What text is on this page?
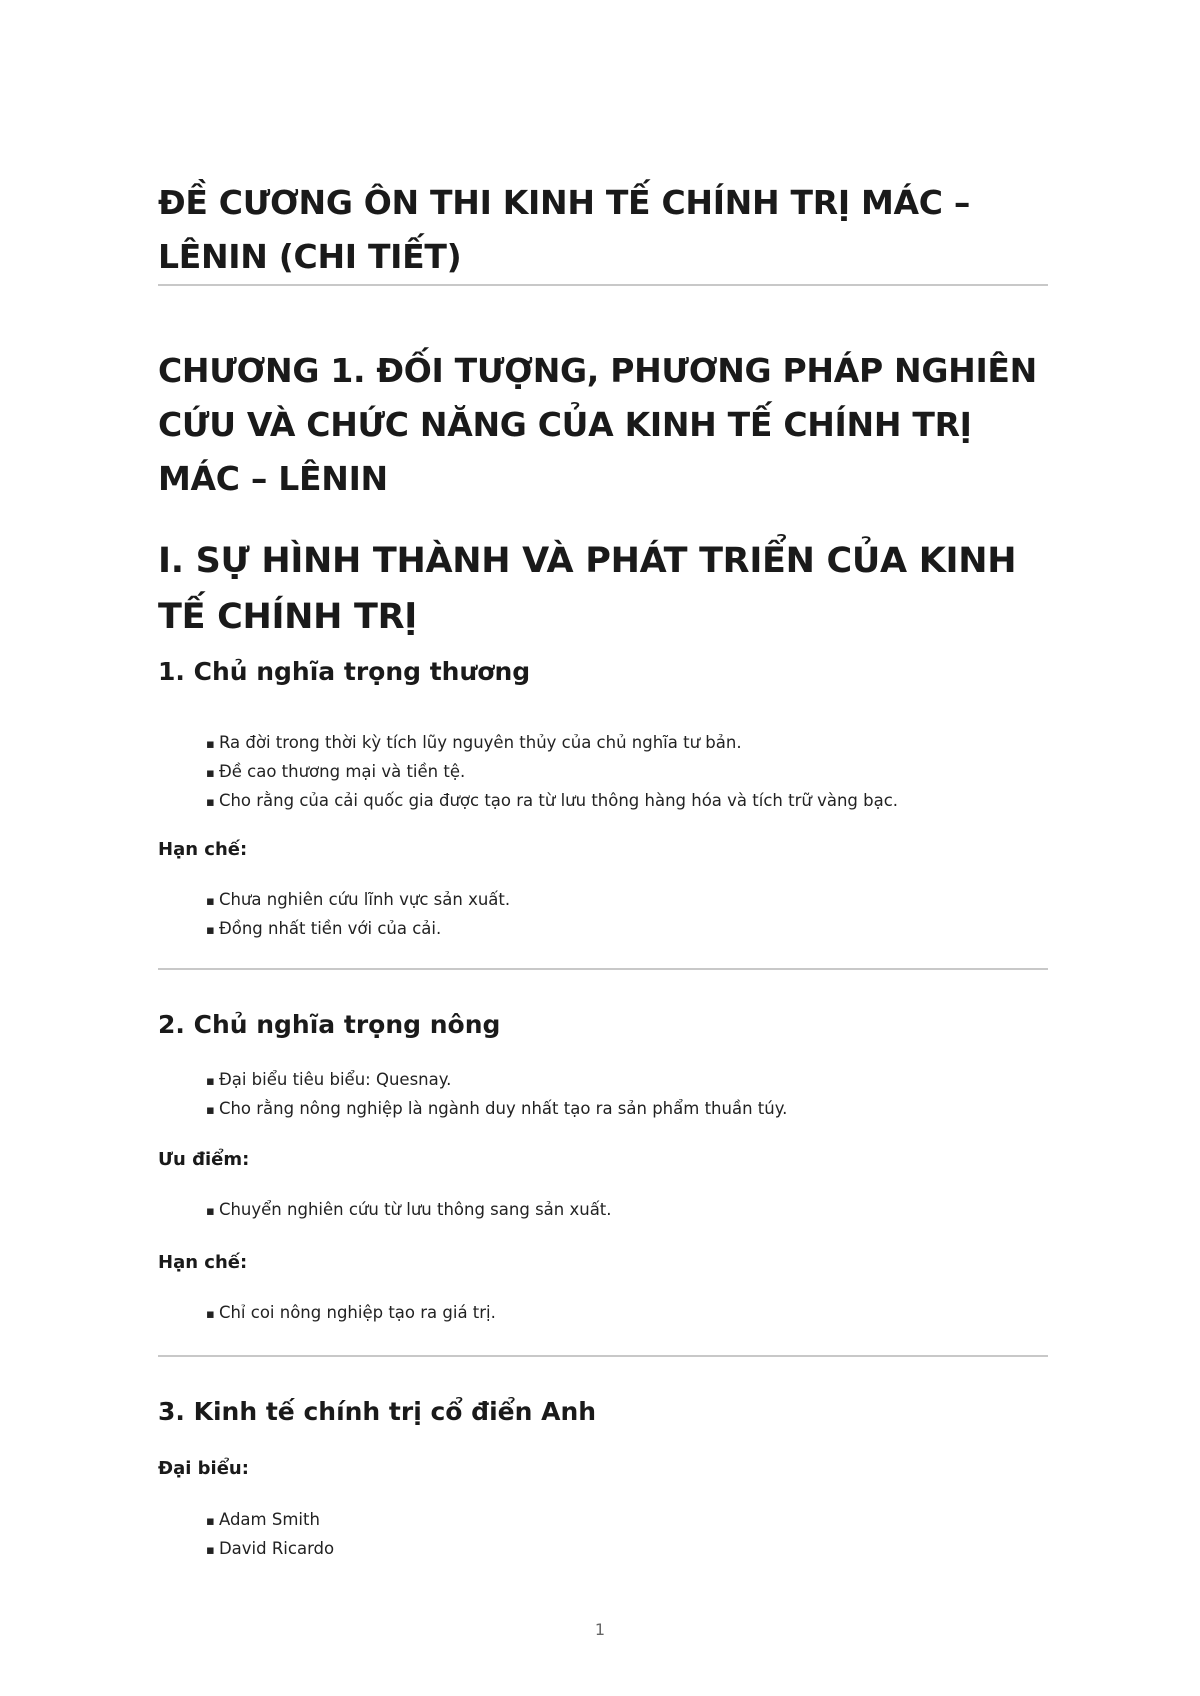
ĐỀ CƯƠNG ÔN THI KINH TẾ CHÍNH TRỊ MÁC – LÊNIN (CHI TIẾT)
CHƯƠNG 1. ĐỐI TƯỢNG, PHƯƠNG PHÁP NGHIÊN CỨU VÀ CHỨC NĂNG CỦA KINH TẾ CHÍNH TRỊ MÁC – LÊNIN
I. SỰ HÌNH THÀNH VÀ PHÁT TRIỂN CỦA KINH TẾ CHÍNH TRỊ
1. Chủ nghĩa trọng thương
▪ Ra đời trong thời kỳ tích lũy nguyên thủy của chủ nghĩa tư bản.
▪ Đề cao thương mại và tiền tệ.
▪ Cho rằng của cải quốc gia được tạo ra từ lưu thông hàng hóa và tích trữ vàng bạc.

Hạn chế:

▪ Chưa nghiên cứu lĩnh vực sản xuất.
▪ Đồng nhất tiền với của cải.
2. Chủ nghĩa trọng nông
▪ Đại biểu tiêu biểu: Quesnay.
▪ Cho rằng nông nghiệp là ngành duy nhất tạo ra sản phẩm thuần túy.

Ưu điểm:

▪ Chuyển nghiên cứu từ lưu thông sang sản xuất.

Hạn chế:

▪ Chỉ coi nông nghiệp tạo ra giá trị.
3. Kinh tế chính trị cổ điển Anh

Đại biểu:

▪ Adam Smith
▪ David Ricardo
1
